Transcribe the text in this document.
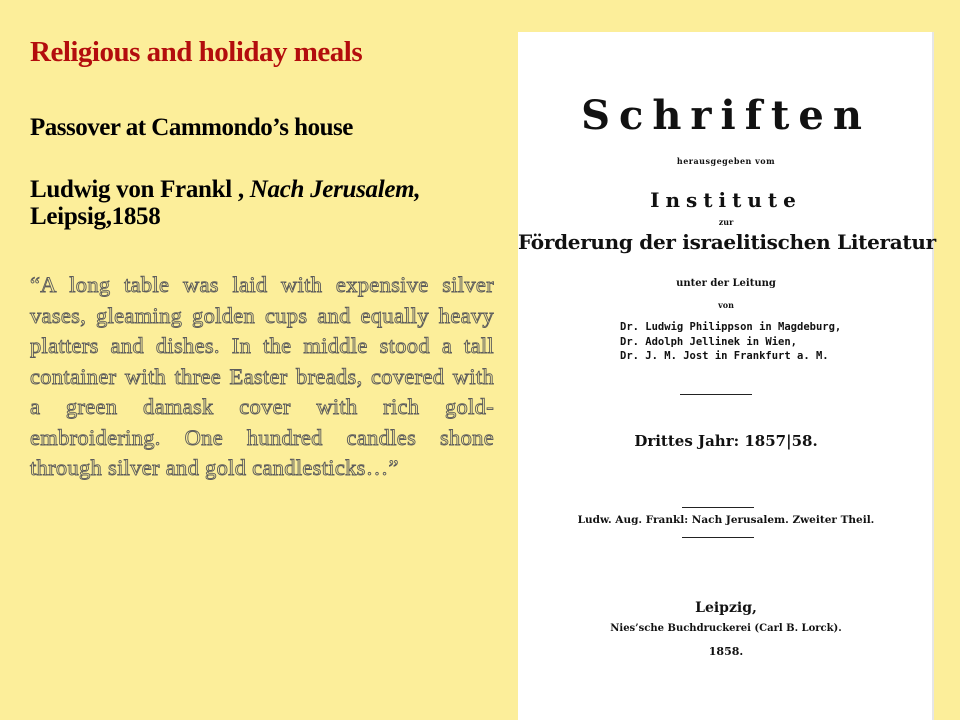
Religious and holiday meals
Passover at Cammondo’s house

Ludwig von Frankl , Nach Jerusalem, Leipsig,1858

“A long table was laid with expensive silver vases, gleaming golden cups and equally heavy platters and dishes. In the middle stood a tall container with three Easter breads, covered with a green damask cover with rich gold-embroidering. One hundred candles shone through silver and gold candlesticks…”

Schriften
herausgegeben vom
Institute
zur
Förderung der israelitischen Literatur
unter der Leitung
von
Dr. Ludwig Philippson in Magdeburg,
Dr. Adolph Jellinek in Wien,
Dr. J. M. Jost in Frankfurt a. M.
Drittes Jahr: 1857|58.
Ludw. Aug. Frankl: Nach Jerusalem. Zweiter Theil.
Leipzig,
Nies’sche Buchdruckerei (Carl B. Lorck).
1858.
